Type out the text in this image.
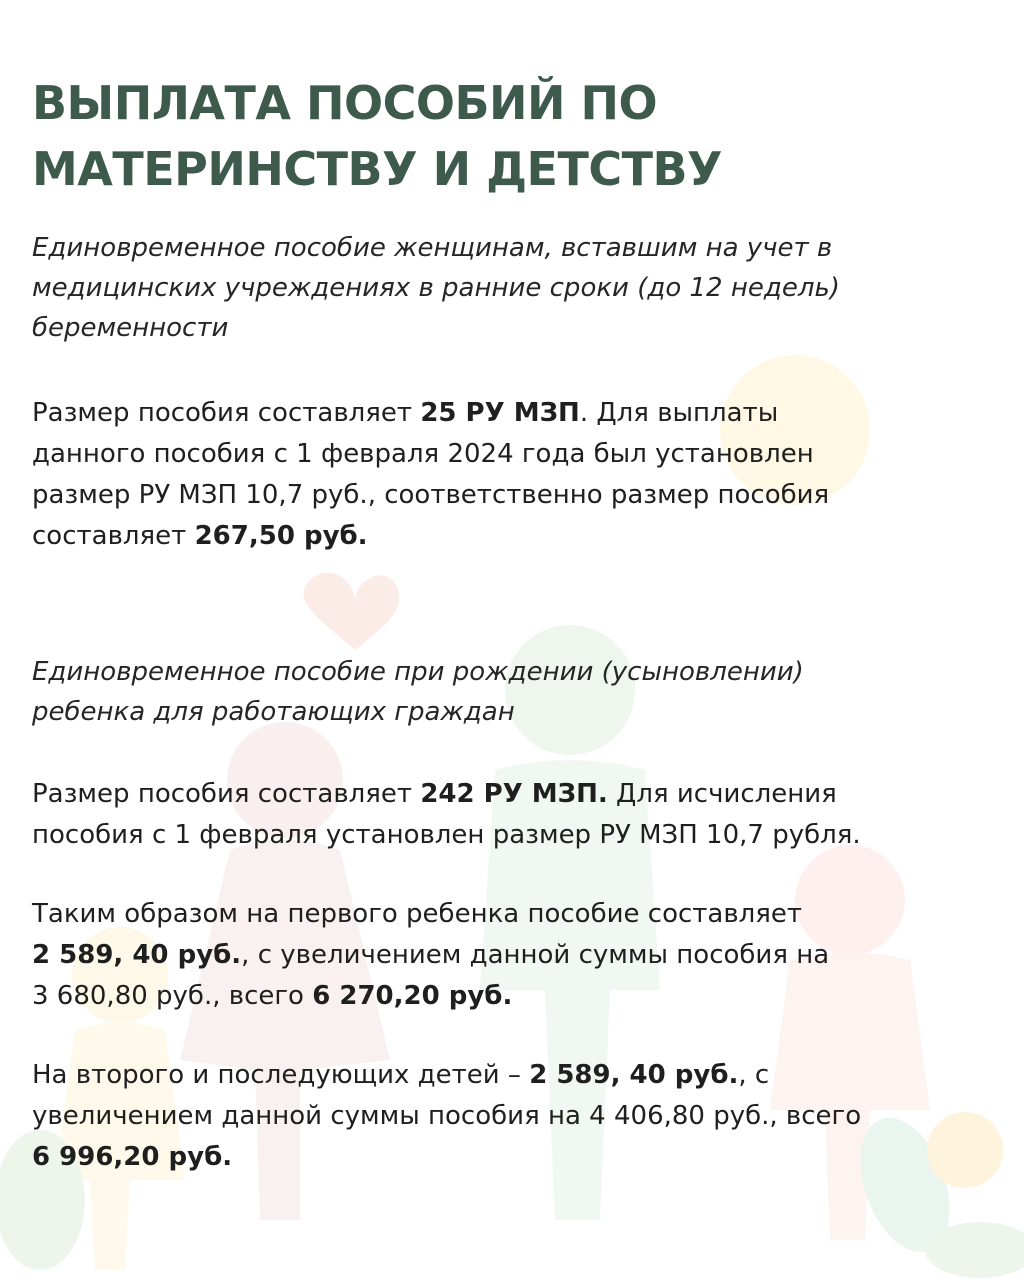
ВЫПЛАТА ПОСОБИЙ ПО
МАТЕРИНСТВУ И ДЕТСТВУ

Единовременное пособие женщинам, вставшим на учет в
медицинских учреждениях в ранние сроки (до 12 недель)
беременности

Размер пособия составляет 25 РУ МЗП. Для выплаты
данного пособия с 1 февраля 2024 года был установлен
размер РУ МЗП 10,7 руб., соответственно размер пособия
составляет 267,50 руб.

Единовременное пособие при рождении (усыновлении)
ребенка для работающих граждан

Размер пособия составляет 242 РУ МЗП. Для исчисления
пособия с 1 февраля установлен размер РУ МЗП 10,7 рубля.

Таким образом на первого ребенка пособие составляет
2 589, 40 руб., с увеличением данной суммы пособия на
3 680,80 руб., всего 6 270,20 руб.

На второго и последующих детей – 2 589, 40 руб., с
увеличением данной суммы пособия на 4 406,80 руб., всего
6 996,20 руб.
